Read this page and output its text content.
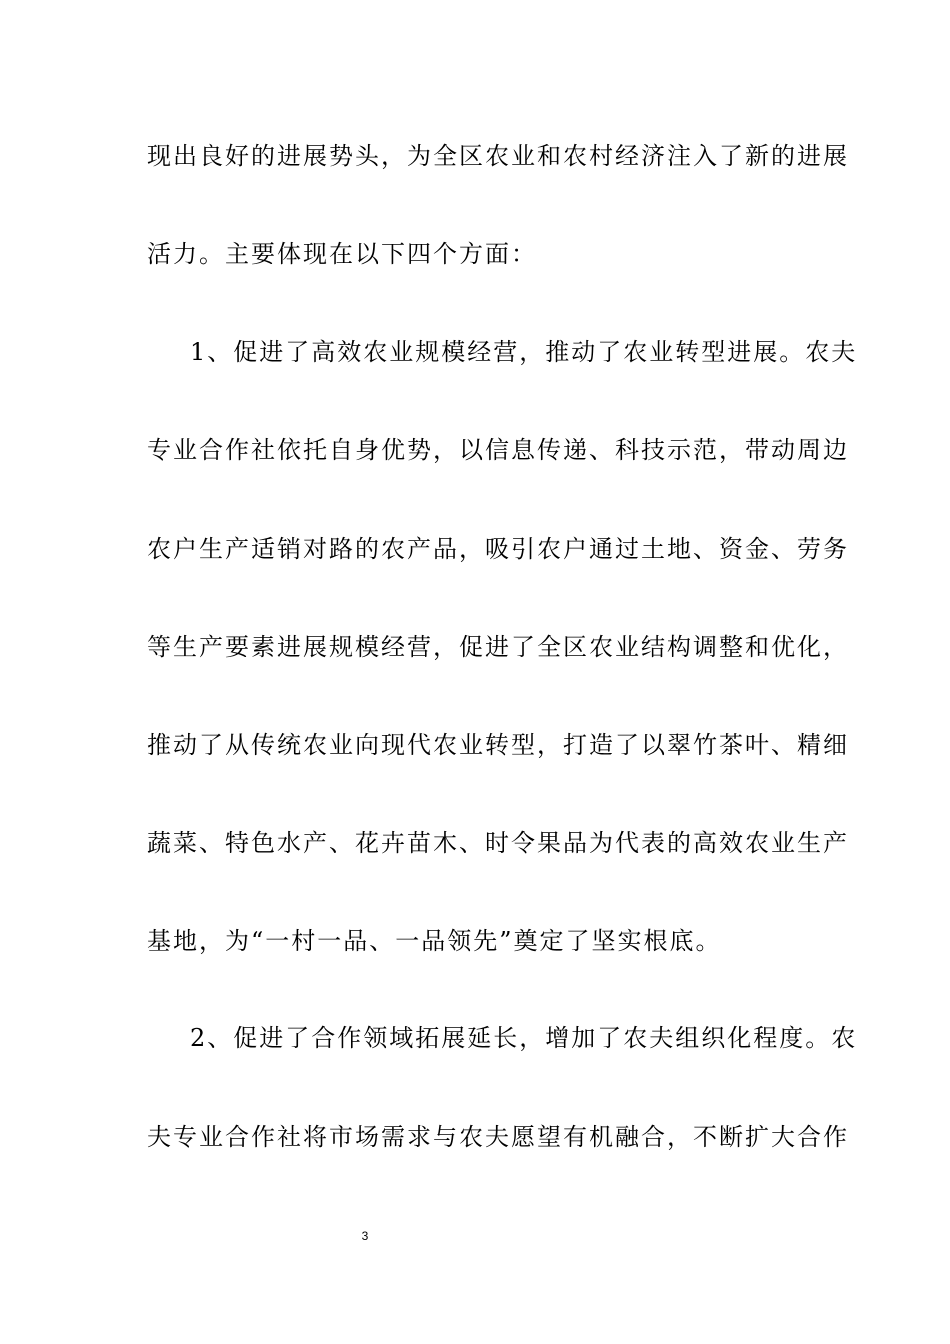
现出良好的进展势头，为全区农业和农村经济注入了新的进展
活力。主要体现在以下四个方面：
1、促进了高效农业规模经营，推动了农业转型进展。农夫
专业合作社依托自身优势，以信息传递、科技示范，带动周边
农户生产适销对路的农产品，吸引农户通过土地、资金、劳务
等生产要素进展规模经营，促进了全区农业结构调整和优化，
推动了从传统农业向现代农业转型，打造了以翠竹茶叶、精细
蔬菜、特色水产、花卉苗木、时令果品为代表的高效农业生产
基地，为“一村一品、一品领先”奠定了坚实根底。
2、促进了合作领域拓展延长，增加了农夫组织化程度。农
夫专业合作社将市场需求与农夫愿望有机融合，不断扩大合作
3
